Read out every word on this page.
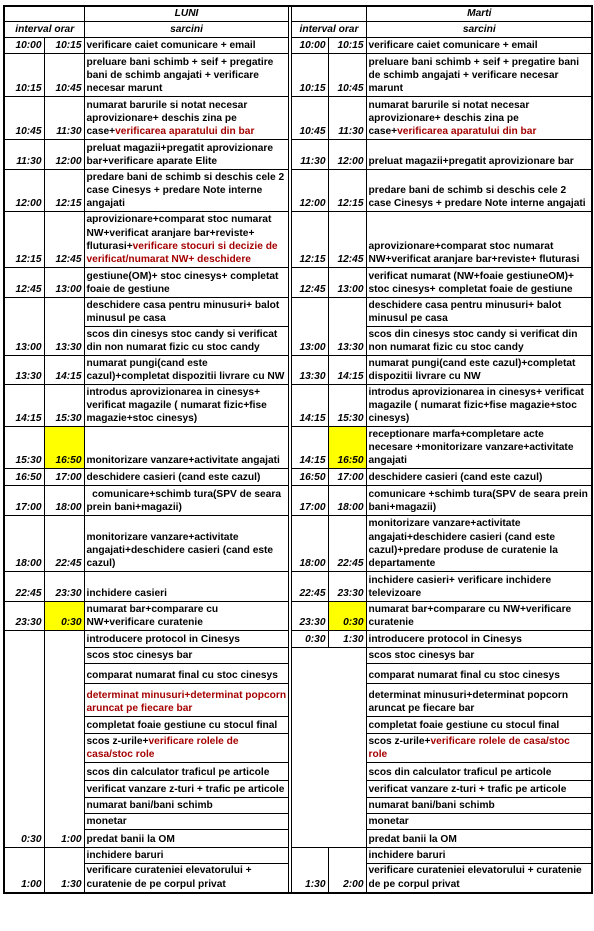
		LUNI				Marti
interval orar		sarcini		interval orar		sarcini
10:00	10:15	verificare caiet comunicare + email		10:00	10:15	verificare caiet comunicare + email

10:15	10:45	preluare bani schimb + seif + pregatire
bani de schimb angajati + verificare
necesar marunt		10:15	10:45	preluare bani schimb + seif + pregatire bani
de schimb angajati + verificare necesar
marunt

10:45	11:30	numarat barurile si notat necesar
aprovizionare+ deschis zina pe
case+verificarea aparatului din bar		10:45	11:30	numarat barurile si notat necesar
aprovizionare+ deschis zina pe
case+verificarea aparatului din bar

11:30	12:00	preluat magazii+pregatit aprovizionare
bar+verificare aparate Elite		11:30	12:00	preluat magazii+pregatit aprovizionare bar

12:00	12:15	predare bani de schimb si deschis cele 2
case Cinesys + predare Note interne
angajati		12:00	12:15	predare bani de schimb si deschis cele 2
case Cinesys + predare Note interne angajati

12:15	12:45	aprovizionare+comparat stoc numarat
NW+verificat aranjare bar+reviste+
fluturasi+verificare stocuri si decizie de
verificat/numarat NW+ deschidere		12:15	12:45	aprovizionare+comparat stoc numarat
NW+verificat aranjare bar+reviste+ fluturasi

12:45	13:00	gestiune(OM)+ stoc cinesys+ completat
foaie de gestiune		12:45	13:00	verificat numarat (NW+foaie gestiuneOM)+
stoc cinesys+ completat foaie de gestiune

13:00	13:30	deschidere casa pentru minusuri+ balot
minusul pe casa		13:00	13:30	deschidere casa pentru minusuri+ balot
minusul pe casa

		scos din cinesys stoc candy si verificat
din non numarat fizic cu stoc candy				scos din cinesys stoc candy si verificat din
non numarat fizic cu stoc candy

13:30	14:15	numarat pungi(cand este
cazul)+completat dispozitii livrare cu NW		13:30	14:15	numarat pungi(cand este cazul)+completat
dispozitii livrare cu NW

14:15	15:30	introdus aprovizionarea in cinesys+
verificat magazile ( numarat fizic+fise
magazie+stoc cinesys)		14:15	15:30	introdus aprovizionarea in cinesys+ verificat
magazile ( numarat fizic+fise magazie+stoc
cinesys)

15:30	16:50	monitorizare vanzare+activitate angajati		14:15	16:50	receptionare marfa+completare acte
necesare +monitorizare vanzare+activitate
angajati

16:50	17:00	deschidere casieri (cand este cazul)		16:50	17:00	deschidere casieri (cand este cazul)

17:00	18:00	comunicare+schimb tura(SPV de seara
prein bani+magazii)		17:00	18:00	comunicare +schimb tura(SPV de seara prein
bani+magazii)

18:00	22:45	monitorizare vanzare+activitate
angajati+deschidere casieri (cand este
cazul)		18:00	22:45	monitorizare vanzare+activitate
angajati+deschidere casieri (cand este
cazul)+predare produse de curatenie la
departamente

22:45	23:30	inchidere casieri		22:45	23:30	inchidere casieri+ verificare inchidere
televizoare

23:30	0:30	numarat bar+comparare cu
NW+verificare curatenie		23:30	0:30	numarat bar+comparare cu NW+verificare
curatenie

0:30	1:00	introducere protocol in Cinesys		0:30	1:30	introducere protocol in Cinesys

		scos stoc cinesys bar				scos stoc cinesys bar

		comparat numarat final cu stoc cinesys				comparat numarat final cu stoc cinesys

		determinat minusuri+determinat popcorn
aruncat pe fiecare bar				determinat minusuri+determinat popcorn
aruncat pe fiecare bar

		completat foaie gestiune cu stocul final				completat foaie gestiune cu stocul final

		scos z-urile+verificare rolele de
casa/stoc role				scos z-urile+verificare rolele de casa/stoc
role

		scos din calculator traficul pe articole				scos din calculator traficul pe articole

		verificat vanzare z-turi + trafic pe articole				verificat vanzare z-turi + trafic pe articole

		numarat bani/bani schimb				numarat bani/bani schimb

		monetar				monetar

		predat banii la OM				predat banii la OM

1:00	1:30	inchidere baruri		1:30	2:00	inchidere baruri

		verificare curateniei elevatorului +
curatenie de pe corpul privat				verificare curateniei elevatorului + curatenie
de pe corpul privat
